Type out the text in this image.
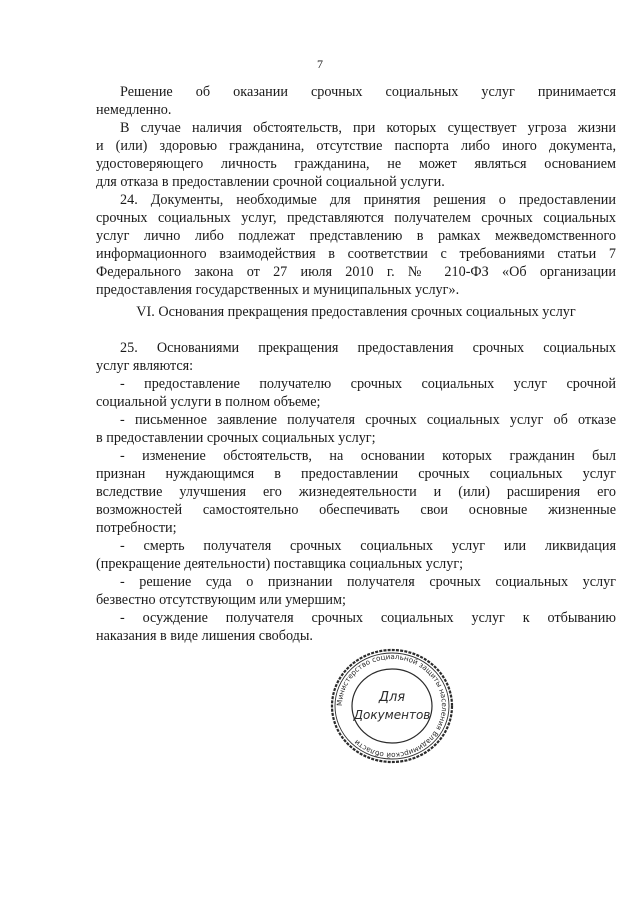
7
Решение об оказании срочных социальных услуг принимается
немедленно.
В случае наличия обстоятельств, при которых существует угроза жизни
и (или) здоровью гражданина, отсутствие паспорта либо иного документа,
удостоверяющего личность гражданина, не может являться основанием
для отказа в предоставлении срочной социальной услуги.
24. Документы, необходимые для принятия решения о предоставлении
срочных социальных услуг, представляются получателем срочных социальных
услуг лично либо подлежат представлению в рамках межведомственного
информационного взаимодействия в соответствии с требованиями статьи 7
Федерального закона от 27 июля 2010 г. № 210-ФЗ «Об организации
предоставления государственных и муниципальных услуг».
VI. Основания прекращения предоставления срочных социальных услуг
25. Основаниями прекращения предоставления срочных социальных
услуг являются:
- предоставление получателю срочных социальных услуг срочной
социальной услуги в полном объеме;
- письменное заявление получателя срочных социальных услуг об отказе
в предоставлении срочных социальных услуг;
- изменение обстоятельств, на основании которых гражданин был
признан нуждающимся в предоставлении срочных социальных услуг
вследствие улучшения его жизнедеятельности и (или) расширения его
возможностей самостоятельно обеспечивать свои основные жизненные
потребности;
- смерть получателя срочных социальных услуг или ликвидация
(прекращение деятельности) поставщика социальных услуг;
- решение суда о признании получателя срочных социальных услуг
безвестно отсутствующим или умершим;
- осуждение получателя срочных социальных услуг к отбыванию
наказания в виде лишения свободы.
Министерство социальной защиты населения Владимирской области
Для
Документов
